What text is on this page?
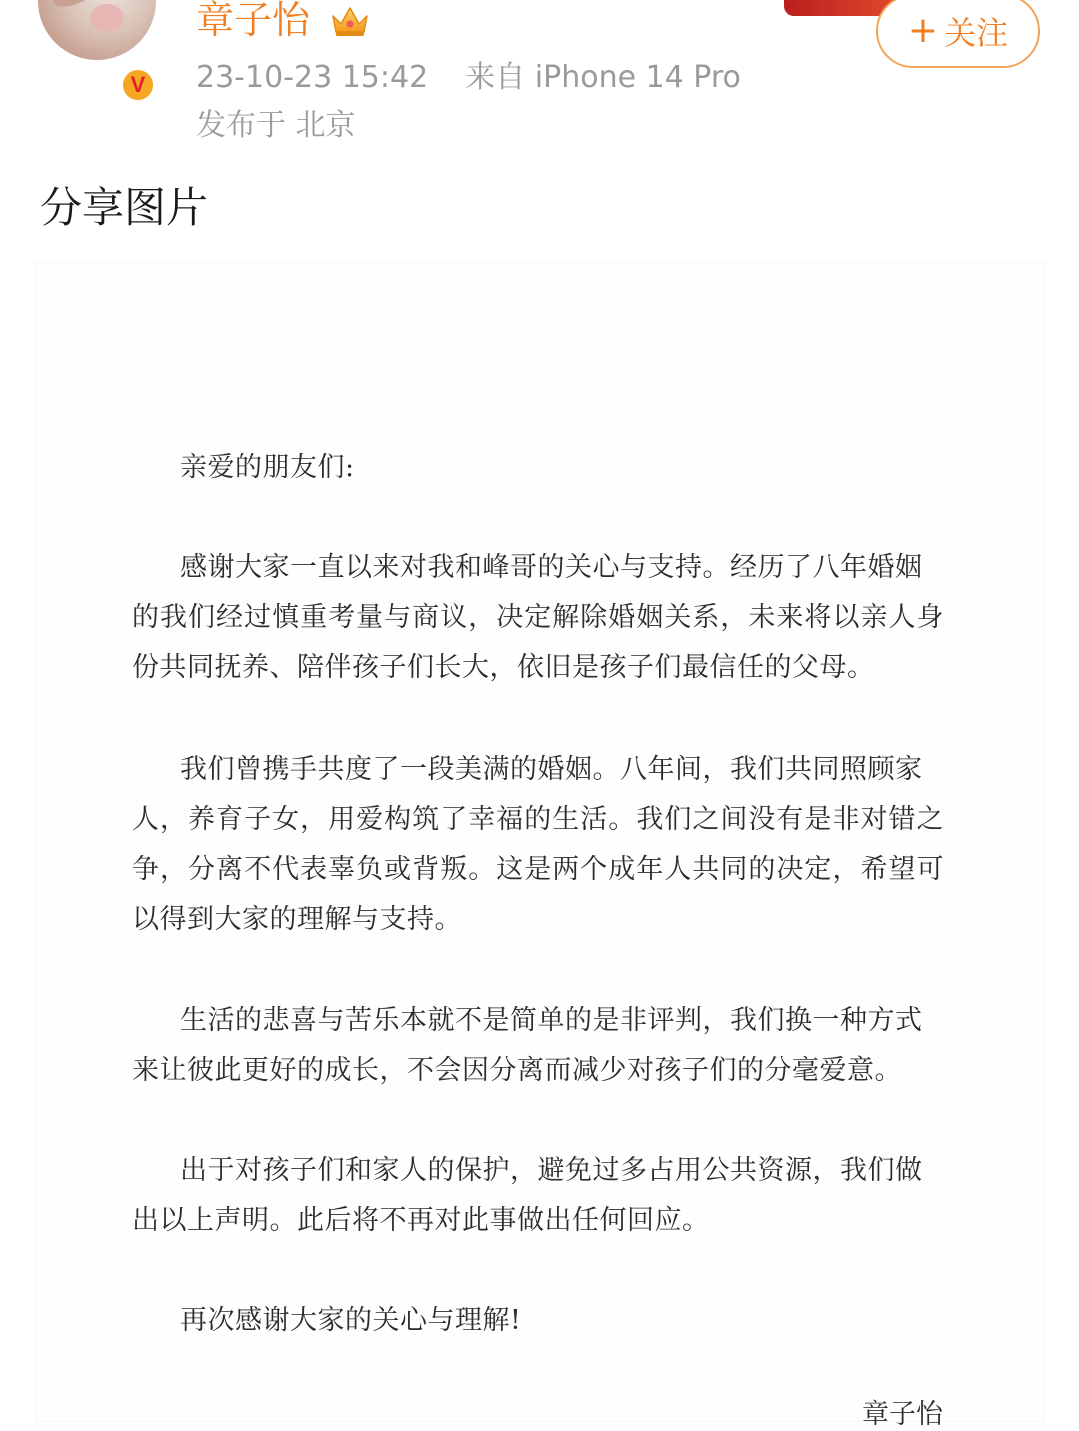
V
章子怡
23-10-23 15:42 来自 iPhone 14 Pro
发布于 北京
+ 关注
分享图片
亲爱的朋友们:
感谢大家一直以来对我和峰哥的关心与支持。经历了八年婚姻
的我们经过慎重考量与商议，决定解除婚姻关系，未来将以亲人身
份共同抚养、陪伴孩子们长大，依旧是孩子们最信任的父母。
我们曾携手共度了一段美满的婚姻。八年间，我们共同照顾家
人，养育子女，用爱构筑了幸福的生活。我们之间没有是非对错之
争，分离不代表辜负或背叛。这是两个成年人共同的决定，希望可
以得到大家的理解与支持。
生活的悲喜与苦乐本就不是简单的是非评判，我们换一种方式
来让彼此更好的成长，不会因分离而减少对孩子们的分毫爱意。
出于对孩子们和家人的保护，避免过多占用公共资源，我们做
出以上声明。此后将不再对此事做出任何回应。
再次感谢大家的关心与理解!
章子怡
